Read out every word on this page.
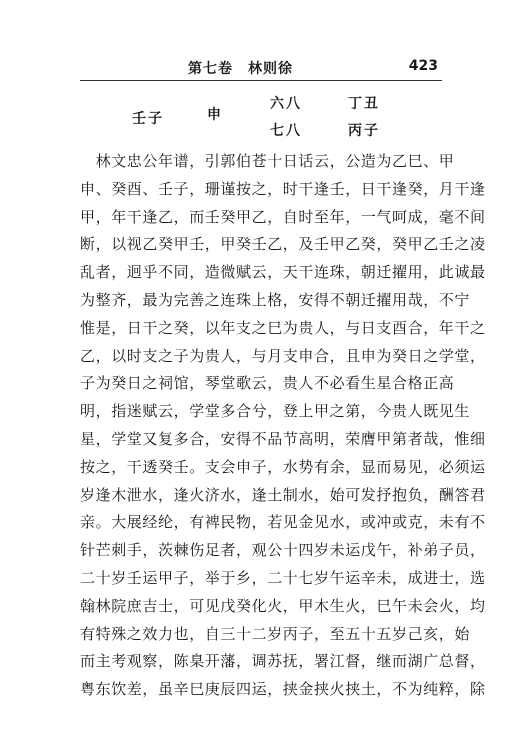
第七卷　林则徐	423
壬子	申
六八	丁丑
七八	丙子

　林文忠公年谱，引郭伯苍十日话云，公造为乙巳、甲

申、癸酉、壬子，珊谨按之，时干逢壬，日干逢癸，月干逢

甲，年干逢乙，而壬癸甲乙，自时至年，一气呵成，毫不间

断，以视乙癸甲壬，甲癸壬乙，及壬甲乙癸，癸甲乙壬之凌

乱者，迥乎不同，造微赋云，天干连珠，朝迁擢用，此诚最

为整齐，最为完善之连珠上格，安得不朝迁擢用哉，不宁

惟是，日干之癸，以年支之巳为贵人，与日支酉合，年干之

乙，以时支之子为贵人，与月支申合，且申为癸日之学堂，

子为癸日之祠馆，琴堂歌云，贵人不必看生星合格正高

明，指迷赋云，学堂多合兮，登上甲之第，今贵人既见生

星，学堂又复多合，安得不品节高明，荣膺甲第者哉，惟细

按之，干透癸壬。支会申子，水势有余，显而易见，必须运

岁逢木泄水，逢火济水，逢土制水，始可发抒抱负，酬答君

亲。大展经纶，有裨民物，若见金见水，或冲或克，未有不

针芒刺手，茨棘伤足者，观公十四岁未运戊午，补弟子员，

二十岁壬运甲子，举于乡，二十七岁午运辛未，成进士，选

翰林院庶吉士，可见戊癸化火，甲木生火，巳午未会火，均

有特殊之效力也，自三十二岁丙子，至五十五岁己亥，始

而主考观察，陈臬开藩，调苏抚，署江督，继而湖广总督，

粤东饮差，虽辛巳庚辰四运，挟金挟火挟土，不为纯粹，除
